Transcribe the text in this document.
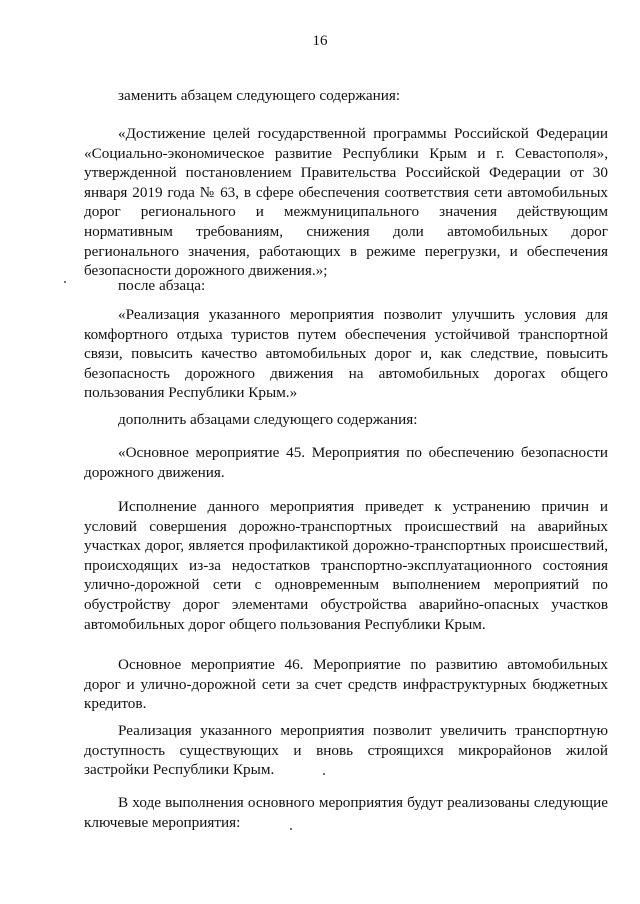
16

заменить абзацем следующего содержания:

«Достижение целей государственной программы Российской Федерации «Социально-экономическое развитие Республики Крым и г. Севастополя», утвержденной постановлением Правительства Российской Федерации от 30 января 2019 года № 63, в сфере обеспечения соответствия сети автомобильных дорог регионального и межмуниципального значения действующим нормативным требованиям, снижения доли автомобильных дорог регионального значения, работающих в режиме перегрузки, и обеспечения безопасности дорожного движения.»;

после абзаца:

«Реализация указанного мероприятия позволит улучшить условия для комфортного отдыха туристов путем обеспечения устойчивой транспортной связи, повысить качество автомобильных дорог и, как следствие, повысить безопасность дорожного движения на автомобильных дорогах общего пользования Республики Крым.»

дополнить абзацами следующего содержания:

«Основное мероприятие 45. Мероприятия по обеспечению безопасности дорожного движения.

Исполнение данного мероприятия приведет к устранению причин и условий совершения дорожно-транспортных происшествий на аварийных участках дорог, является профилактикой дорожно-транспортных происшествий, происходящих из-за недостатков транспортно-эксплуатационного состояния улично-дорожной сети с одновременным выполнением мероприятий по обустройству дорог элементами обустройства аварийно-опасных участков автомобильных дорог общего пользования Республики Крым.

Основное мероприятие 46. Мероприятие по развитию автомобильных дорог и улично-дорожной сети за счет средств инфраструктурных бюджетных кредитов.

Реализация указанного мероприятия позволит увеличить транспортную доступность существующих и вновь строящихся микрорайонов жилой застройки Республики Крым.

В ходе выполнения основного мероприятия будут реализованы следующие ключевые мероприятия:
